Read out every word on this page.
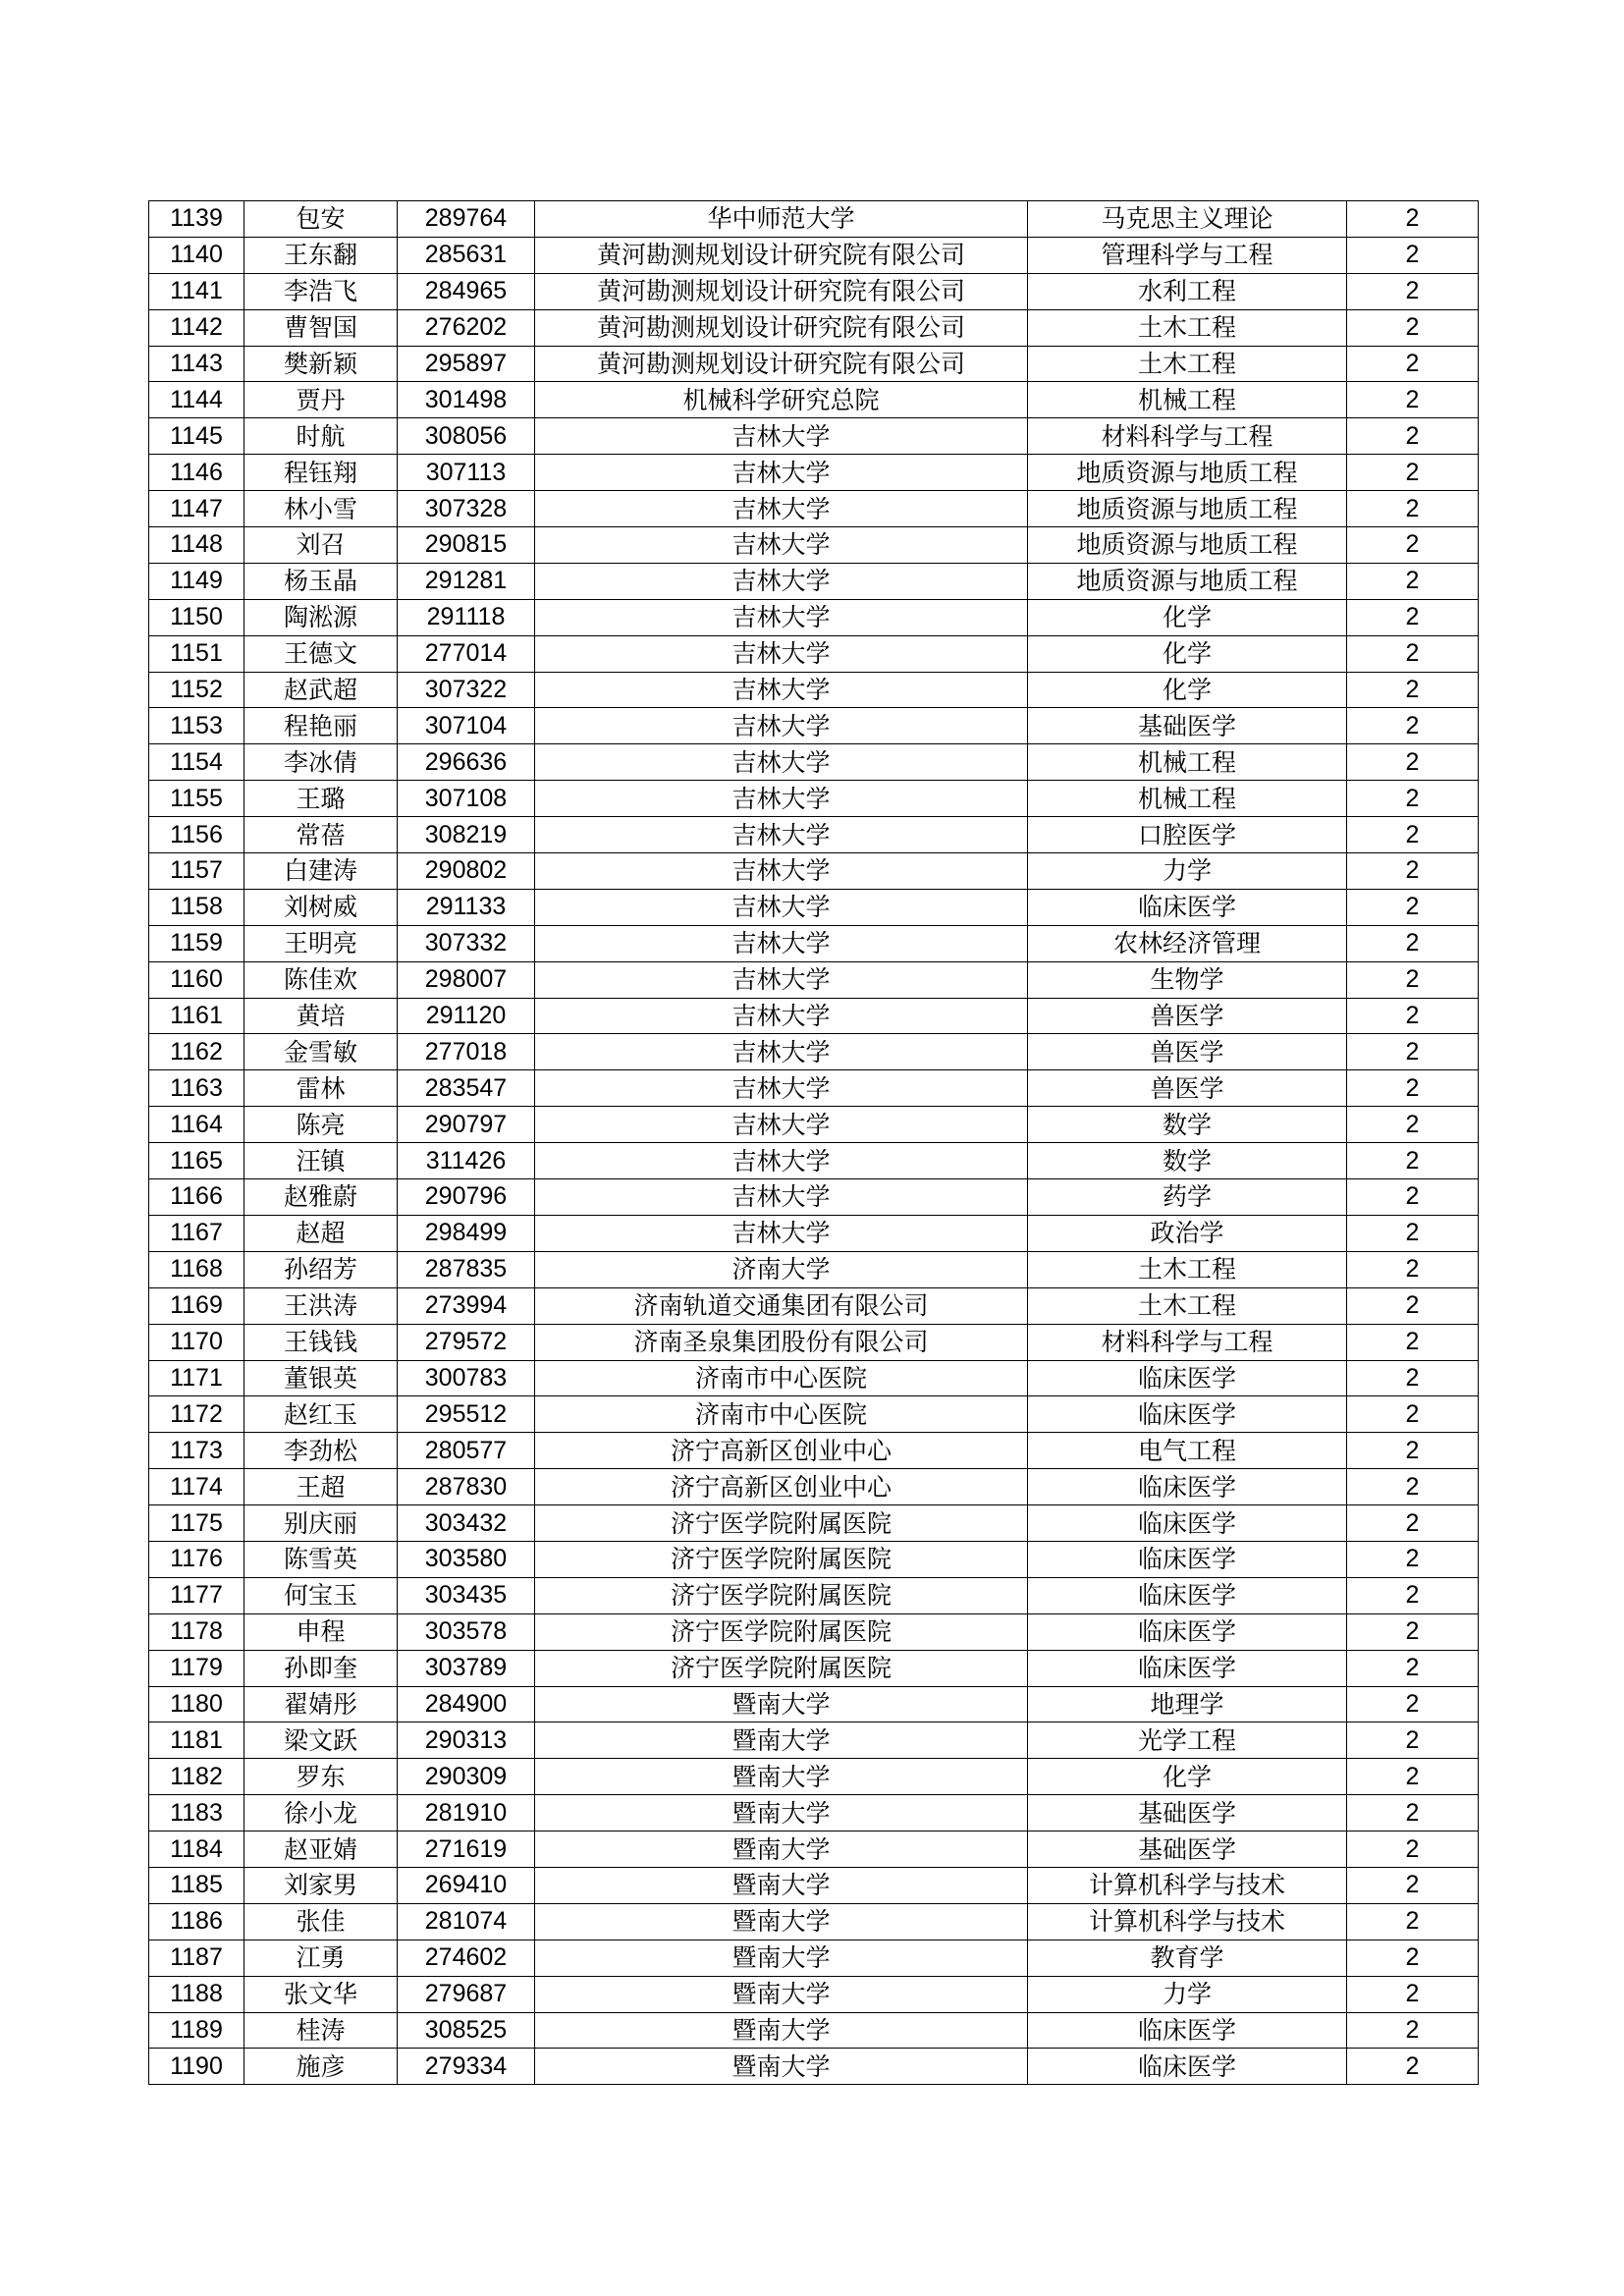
1139	包安	289764	华中师范大学	马克思主义理论	2
1140	王东翻	285631	黄河勘测规划设计研究院有限公司	管理科学与工程	2
1141	李浩飞	284965	黄河勘测规划设计研究院有限公司	水利工程	2
1142	曹智国	276202	黄河勘测规划设计研究院有限公司	土木工程	2
1143	樊新颖	295897	黄河勘测规划设计研究院有限公司	土木工程	2
1144	贾丹	301498	机械科学研究总院	机械工程	2
1145	时航	308056	吉林大学	材料科学与工程	2
1146	程钰翔	307113	吉林大学	地质资源与地质工程	2
1147	林小雪	307328	吉林大学	地质资源与地质工程	2
1148	刘召	290815	吉林大学	地质资源与地质工程	2
1149	杨玉晶	291281	吉林大学	地质资源与地质工程	2
1150	陶淞源	291118	吉林大学	化学	2
1151	王德文	277014	吉林大学	化学	2
1152	赵武超	307322	吉林大学	化学	2
1153	程艳丽	307104	吉林大学	基础医学	2
1154	李冰倩	296636	吉林大学	机械工程	2
1155	王璐	307108	吉林大学	机械工程	2
1156	常蓓	308219	吉林大学	口腔医学	2
1157	白建涛	290802	吉林大学	力学	2
1158	刘树威	291133	吉林大学	临床医学	2
1159	王明亮	307332	吉林大学	农林经济管理	2
1160	陈佳欢	298007	吉林大学	生物学	2
1161	黄培	291120	吉林大学	兽医学	2
1162	金雪敏	277018	吉林大学	兽医学	2
1163	雷林	283547	吉林大学	兽医学	2
1164	陈亮	290797	吉林大学	数学	2
1165	汪镇	311426	吉林大学	数学	2
1166	赵雅蔚	290796	吉林大学	药学	2
1167	赵超	298499	吉林大学	政治学	2
1168	孙绍芳	287835	济南大学	土木工程	2
1169	王洪涛	273994	济南轨道交通集团有限公司	土木工程	2
1170	王钱钱	279572	济南圣泉集团股份有限公司	材料科学与工程	2
1171	董银英	300783	济南市中心医院	临床医学	2
1172	赵红玉	295512	济南市中心医院	临床医学	2
1173	李劲松	280577	济宁高新区创业中心	电气工程	2
1174	王超	287830	济宁高新区创业中心	临床医学	2
1175	别庆丽	303432	济宁医学院附属医院	临床医学	2
1176	陈雪英	303580	济宁医学院附属医院	临床医学	2
1177	何宝玉	303435	济宁医学院附属医院	临床医学	2
1178	申程	303578	济宁医学院附属医院	临床医学	2
1179	孙即奎	303789	济宁医学院附属医院	临床医学	2
1180	翟婧彤	284900	暨南大学	地理学	2
1181	梁文跃	290313	暨南大学	光学工程	2
1182	罗东	290309	暨南大学	化学	2
1183	徐小龙	281910	暨南大学	基础医学	2
1184	赵亚婧	271619	暨南大学	基础医学	2
1185	刘家男	269410	暨南大学	计算机科学与技术	2
1186	张佳	281074	暨南大学	计算机科学与技术	2
1187	江勇	274602	暨南大学	教育学	2
1188	张文华	279687	暨南大学	力学	2
1189	桂涛	308525	暨南大学	临床医学	2
1190	施彦	279334	暨南大学	临床医学	2
